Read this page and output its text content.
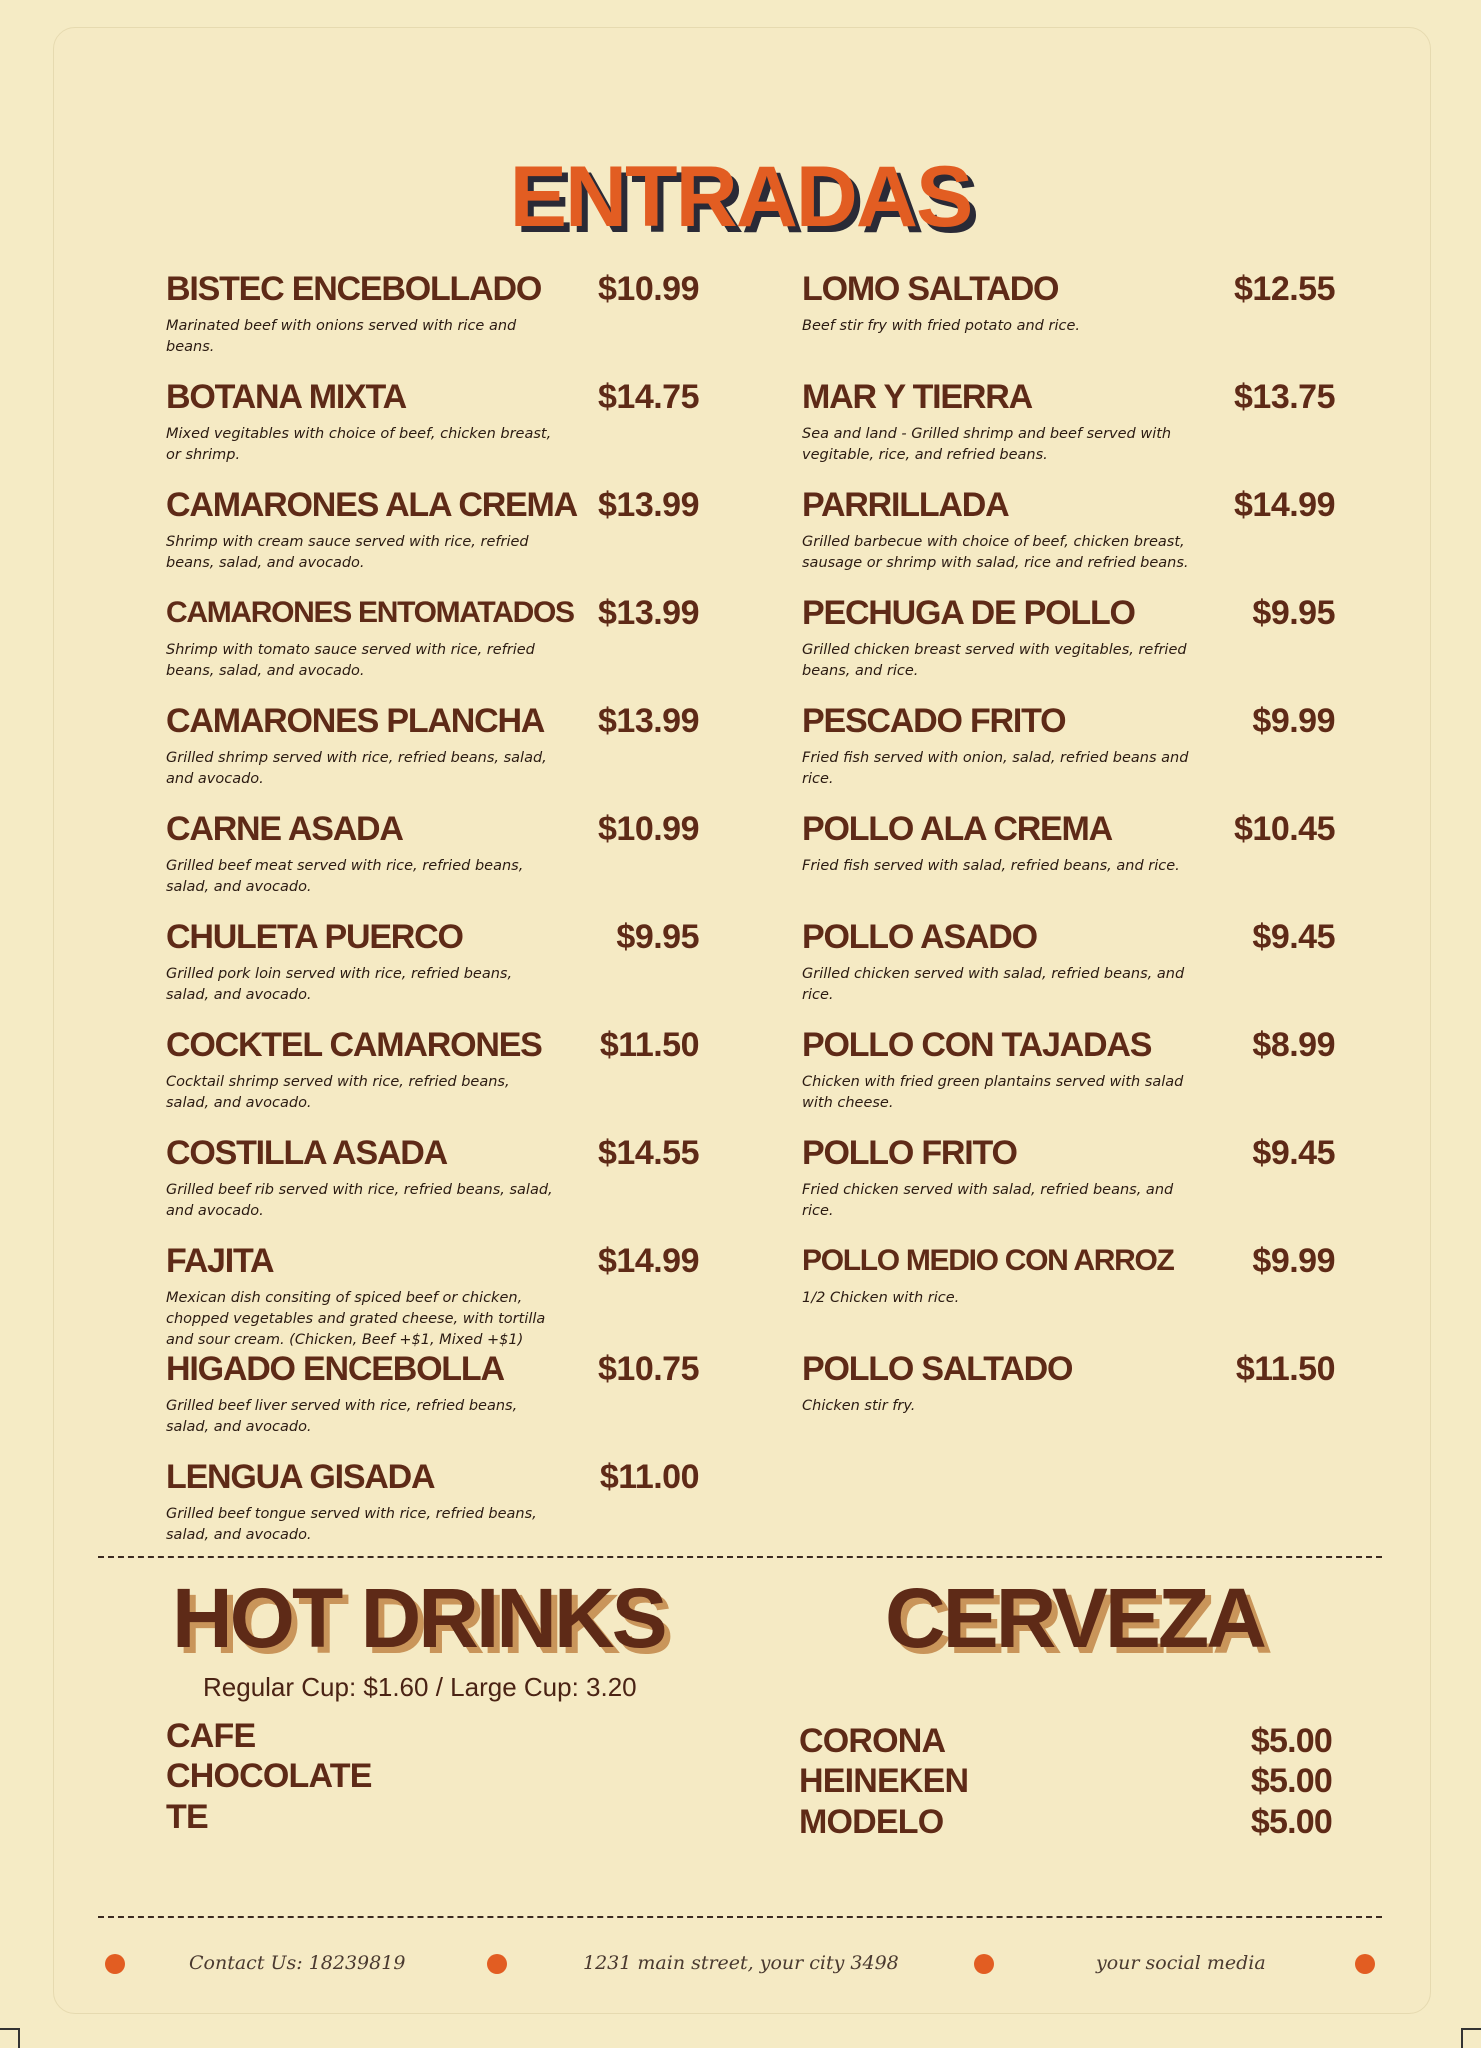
ENTRADAS
BISTEC ENCEBOLLADO $10.99
Marinated beef with onions served with rice and beans.
BOTANA MIXTA	$14.75
Mixed vegitables with choice of beef, chicken breast, or shrimp.
CAMARONES ALA CREMA $13.99
Shrimp with cream sauce served with rice, refried beans, salad, and avocado.
CAMARONES ENTOMATADOS $13.99
Shrimp with tomato sauce served with rice, refried beans, salad, and avocado.
CAMARONES PLANCHA $13.99
Grilled shrimp served with rice, refried beans, salad, and avocado.
CARNE ASADA	$10.99
Grilled beef meat served with rice, refried beans, salad, and avocado.
CHULETA PUERCO	$9.95
Grilled pork loin served with rice, refried beans, salad, and avocado.
COCKTEL CAMARONES $11.50
Cocktail shrimp served with rice, refried beans, salad, and avocado.
COSTILLA ASADA	$14.55
Grilled beef rib served with rice, refried beans, salad, and avocado.
FAJITA	$14.99
Mexican dish consiting of spiced beef or chicken, chopped vegetables and grated cheese, with tortilla and sour cream. (Chicken, Beef +$1, Mixed +$1)
HIGADO ENCEBOLLA	$10.75
Grilled beef liver served with rice, refried beans, salad, and avocado.
LENGUA GISADA	$11.00
Grilled beef tongue served with rice, refried beans, salad, and avocado.
LOMO SALTADO	$12.55
Beef stir fry with fried potato and rice.
MAR Y TIERRA	$13.75
Sea and land - Grilled shrimp and beef served with vegitable, rice, and refried beans.
PARRILLADA	$14.99
Grilled barbecue with choice of beef, chicken breast, sausage or shrimp with salad, rice and refried beans.
PECHUGA DE POLLO	$9.95
Grilled chicken breast served with vegitables, refried beans, and rice.
PESCADO FRITO	$9.99
Fried fish served with onion, salad, refried beans and rice.
POLLO ALA CREMA	$10.45
Fried fish served with salad, refried beans, and rice.
POLLO ASADO	$9.45
Grilled chicken served with salad, refried beans, and rice.
POLLO CON TAJADAS	$8.99
Chicken with fried green plantains served with salad with cheese.
POLLO FRITO	$9.45
Fried chicken served with salad, refried beans, and rice.
POLLO MEDIO CON ARROZ $9.99
1/2 Chicken with rice.
POLLO SALTADO	$11.50
Chicken stir fry.
HOT DRINKS	CERVEZA
Regular Cup: $1.60 / Large Cup: 3.20
CAFE
CHOCOLATE
TE
CORONA	$5.00
HEINEKEN	$5.00
MODELO	$5.00
Contact Us: 18239819	1231 main street, your city 3498	your social media
